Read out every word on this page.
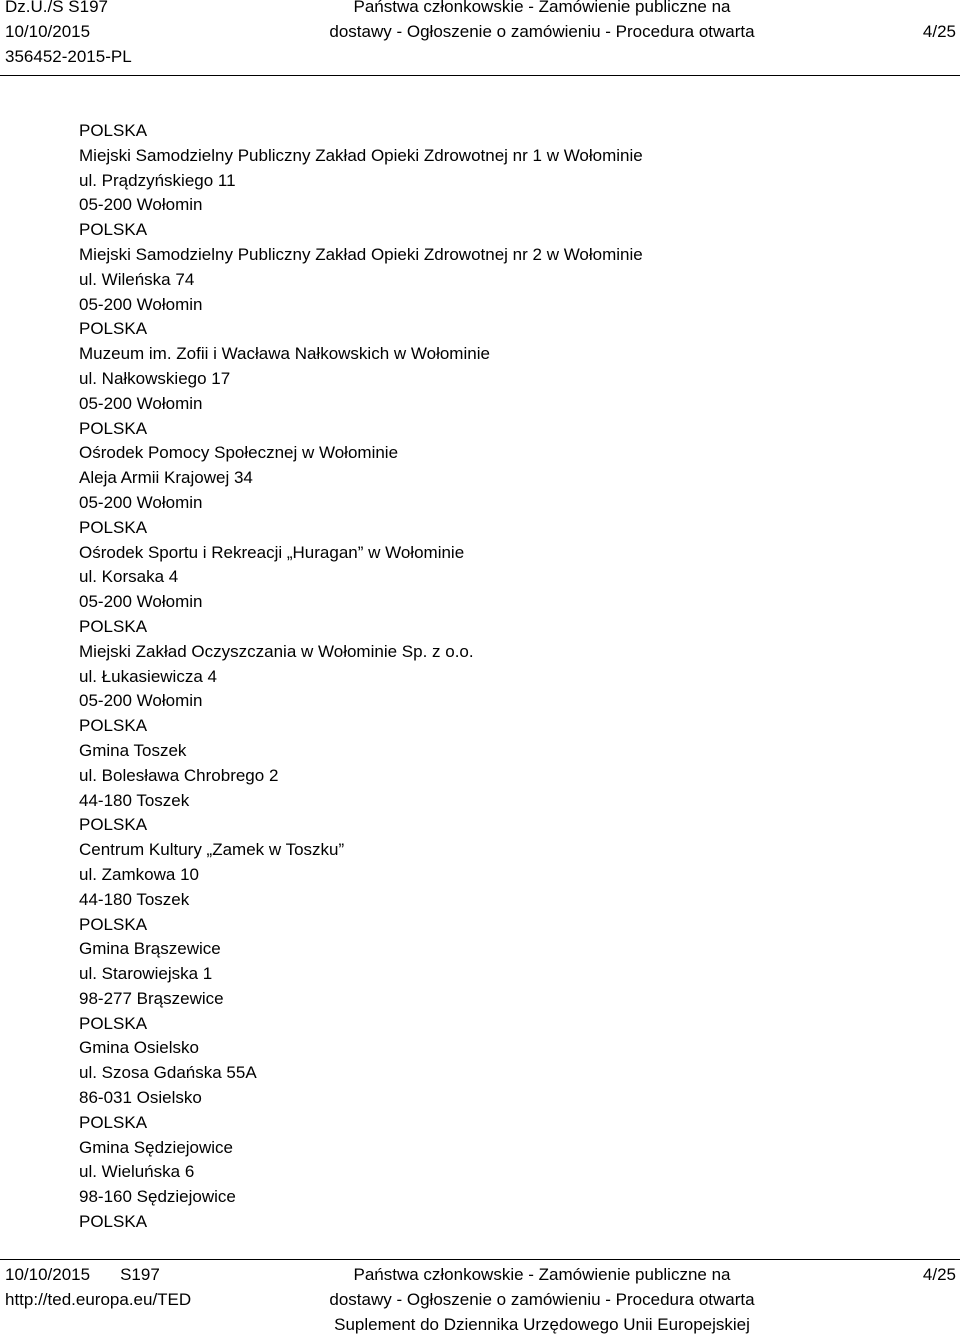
Dz.U./S S197
10/10/2015
356452-2015-PL
Państwa członkowskie - Zamówienie publiczne na
dostawy - Ogłoszenie o zamówieniu - Procedura otwarta	4/25
POLSKA
Miejski Samodzielny Publiczny Zakład Opieki Zdrowotnej nr 1 w Wołominie
ul. Prądzyńskiego 11
05-200 Wołomin
POLSKA
Miejski Samodzielny Publiczny Zakład Opieki Zdrowotnej nr 2 w Wołominie
ul. Wileńska 74
05-200 Wołomin
POLSKA
Muzeum im. Zofii i Wacława Nałkowskich w Wołominie
ul. Nałkowskiego 17
05-200 Wołomin
POLSKA
Ośrodek Pomocy Społecznej w Wołominie
Aleja Armii Krajowej 34
05-200 Wołomin
POLSKA
Ośrodek Sportu i Rekreacji „Huragan” w Wołominie
ul. Korsaka 4
05-200 Wołomin
POLSKA
Miejski Zakład Oczyszczania w Wołominie Sp. z o.o.
ul. Łukasiewicza 4
05-200 Wołomin
POLSKA
Gmina Toszek
ul. Bolesława Chrobrego 2
44-180 Toszek
POLSKA
Centrum Kultury „Zamek w Toszku”
ul. Zamkowa 10
44-180 Toszek
POLSKA
Gmina Brąszewice
ul. Starowiejska 1
98-277 Brąszewice
POLSKA
Gmina Osielsko
ul. Szosa Gdańska 55A
86-031 Osielsko
POLSKA
Gmina Sędziejowice
ul. Wieluńska 6
98-160 Sędziejowice
POLSKA
10/10/2015 S197
http://ted.europa.eu/TED
Państwa członkowskie - Zamówienie publiczne na
dostawy - Ogłoszenie o zamówieniu - Procedura otwarta
Suplement do Dziennika Urzędowego Unii Europejskiej
4/25
